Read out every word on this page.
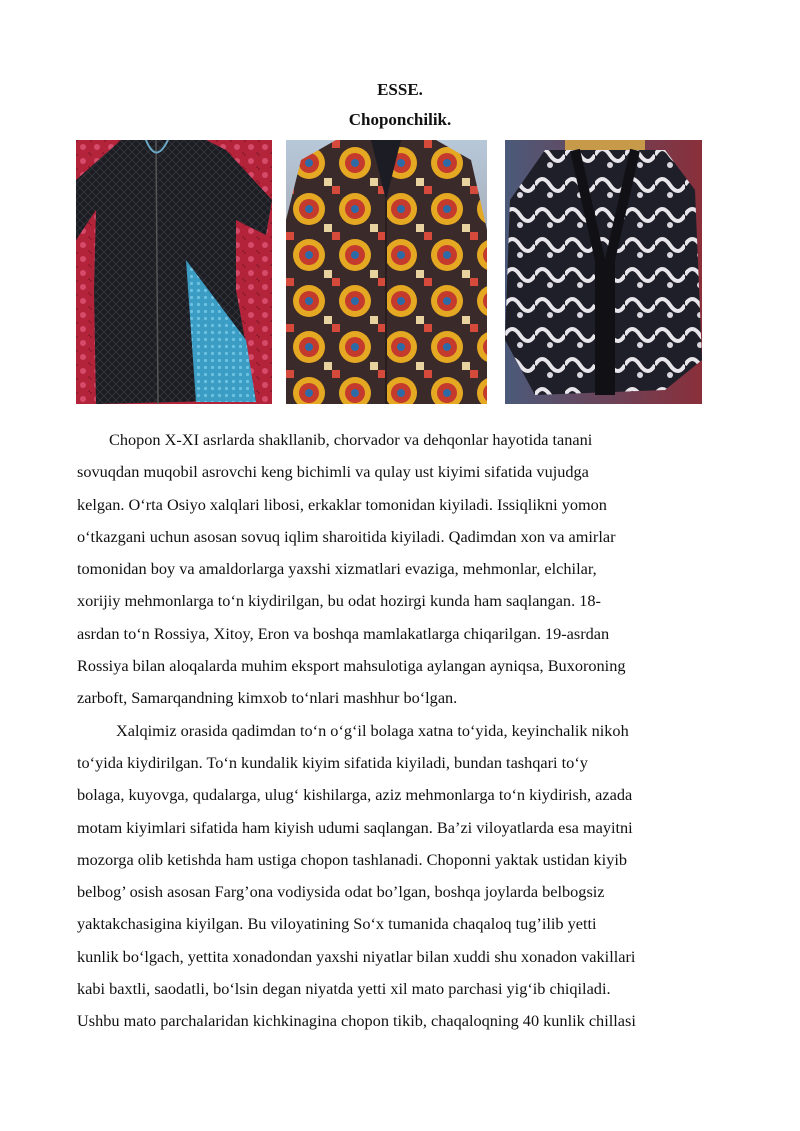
ESSE.
Choponchilik.
Chopon X-XI asrlarda shakllanib, chorvador va dehqonlar hayotida tanani
sovuqdan muqobil asrovchi keng bichimli va qulay ust kiyimi sifatida vujudga
kelgan. O‘rta Osiyo xalqlari libosi, erkaklar tomonidan kiyiladi. Issiqlikni yomon
o‘tkazgani uchun asosan sovuq iqlim sharoitida kiyiladi. Qadimdan xon va amirlar
tomonidan boy va amaldorlarga yaxshi xizmatlari evaziga, mehmonlar, elchilar,
xorijiy mehmonlarga to‘n kiydirilgan, bu odat hozirgi kunda ham saqlangan. 18-
asrdan to‘n Rossiya, Xitoy, Eron va boshqa mamlakatlarga chiqarilgan. 19-asrdan
Rossiya bilan aloqalarda muhim eksport mahsulotiga aylangan ayniqsa, Buxoroning
zarboft, Samarqandning kimxob to‘nlari mashhur bo‘lgan.
Xalqimiz orasida qadimdan to‘n o‘g‘il bolaga xatna to‘yida, keyinchalik nikoh
to‘yida kiydirilgan. To‘n kundalik kiyim sifatida kiyiladi, bundan tashqari to‘y
bolaga, kuyovga, qudalarga, ulug‘ kishilarga, aziz mehmonlarga to‘n kiydirish, azada
motam kiyimlari sifatida ham kiyish udumi saqlangan. Ba’zi viloyatlarda esa mayitni
mozorga olib ketishda ham ustiga chopon tashlanadi. Choponni yaktak ustidan kiyib
belbog’ osish asosan Farg’ona vodiysida odat bo’lgan, boshqa joylarda belbogsiz
yaktakchasigina kiyilgan. Bu viloyatining So‘x tumanida chaqaloq tug’ilib yetti
kunlik bo‘lgach, yettita xonadondan yaxshi niyatlar bilan xuddi shu xonadon vakillari
kabi baxtli, saodatli, bo‘lsin degan niyatda yetti xil mato parchasi yig‘ib chiqiladi.
Ushbu mato parchalaridan kichkinagina chopon tikib, chaqaloqning 40 kunlik chillasi
